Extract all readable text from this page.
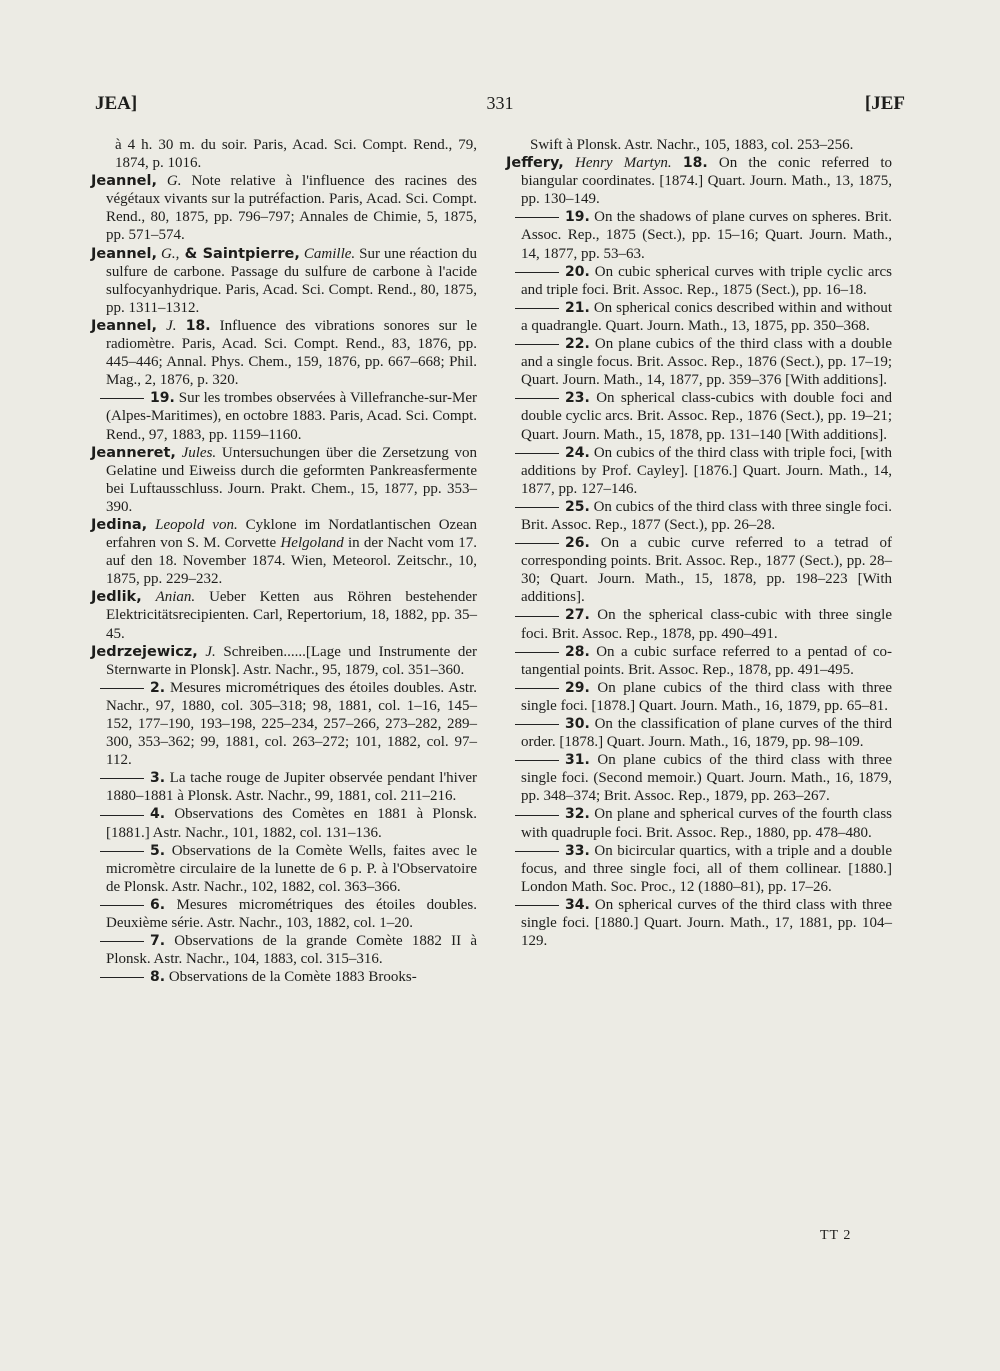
JEA]	331	[JEF
à 4 h. 30 m. du soir. Paris, Acad. Sci. Compt. Rend., 79, 1874, p. 1016.
Jeannel, G. Note relative à l'influence des racines des végétaux vivants sur la putréfaction. Paris, Acad. Sci. Compt. Rend., 80, 1875, pp. 796–797; Annales de Chimie, 5, 1875, pp. 571–574.
Jeannel, G., & Saintpierre, Camille. Sur une réaction du sulfure de carbone. Passage du sulfure de carbone à l'acide sulfocyanhydrique. Paris, Acad. Sci. Compt. Rend., 80, 1875, pp. 1311–1312.
Jeannel, J. 18. Influence des vibrations sonores sur le radiomètre. Paris, Acad. Sci. Compt. Rend., 83, 1876, pp. 445–446; Annal. Phys. Chem., 159, 1876, pp. 667–668; Phil. Mag., 2, 1876, p. 320.
19. Sur les trombes observées à Villefranche-sur-Mer (Alpes-Maritimes), en octobre 1883. Paris, Acad. Sci. Compt. Rend., 97, 1883, pp. 1159–1160.
Jeanneret, Jules. Untersuchungen über die Zersetzung von Gelatine und Eiweiss durch die geformten Pankreasfermente bei Luftausschluss. Journ. Prakt. Chem., 15, 1877, pp. 353–390.
Jedina, Leopold von. Cyklone im Nordatlantischen Ozean erfahren von S. M. Corvette Helgoland in der Nacht vom 17. auf den 18. November 1874. Wien, Meteorol. Zeitschr., 10, 1875, pp. 229–232.
Jedlik, Anian. Ueber Ketten aus Röhren bestehender Elektricitätsrecipienten. Carl, Repertorium, 18, 1882, pp. 35–45.
Jedrzejewicz, J. Schreiben......[Lage und Instrumente der Sternwarte in Plonsk]. Astr. Nachr., 95, 1879, col. 351–360.
2. Mesures micrométriques des étoiles doubles. Astr. Nachr., 97, 1880, col. 305–318; 98, 1881, col. 1–16, 145–152, 177–190, 193–198, 225–234, 257–266, 273–282, 289–300, 353–362; 99, 1881, col. 263–272; 101, 1882, col. 97–112.
3. La tache rouge de Jupiter observée pendant l'hiver 1880–1881 à Plonsk. Astr. Nachr., 99, 1881, col. 211–216.
4. Observations des Comètes en 1881 à Plonsk. [1881.] Astr. Nachr., 101, 1882, col. 131–136.
5. Observations de la Comète Wells, faites avec le micromètre circulaire de la lunette de 6 p. P. à l'Observatoire de Plonsk. Astr. Nachr., 102, 1882, col. 363–366.
6. Mesures micrométriques des étoiles doubles. Deuxième série. Astr. Nachr., 103, 1882, col. 1–20.
7. Observations de la grande Comète 1882 II à Plonsk. Astr. Nachr., 104, 1883, col. 315–316.
8. Observations de la Comète 1883 Brooks-
Swift à Plonsk. Astr. Nachr., 105, 1883, col. 253–256.
Jeffery, Henry Martyn. 18. On the conic referred to biangular coordinates. [1874.] Quart. Journ. Math., 13, 1875, pp. 130–149.
19. On the shadows of plane curves on spheres. Brit. Assoc. Rep., 1875 (Sect.), pp. 15–16; Quart. Journ. Math., 14, 1877, pp. 53–63.
20. On cubic spherical curves with triple cyclic arcs and triple foci. Brit. Assoc. Rep., 1875 (Sect.), pp. 16–18.
21. On spherical conics described within and without a quadrangle. Quart. Journ. Math., 13, 1875, pp. 350–368.
22. On plane cubics of the third class with a double and a single focus. Brit. Assoc. Rep., 1876 (Sect.), pp. 17–19; Quart. Journ. Math., 14, 1877, pp. 359–376 [With additions].
23. On spherical class-cubics with double foci and double cyclic arcs. Brit. Assoc. Rep., 1876 (Sect.), pp. 19–21; Quart. Journ. Math., 15, 1878, pp. 131–140 [With additions].
24. On cubics of the third class with triple foci, [with additions by Prof. Cayley]. [1876.] Quart. Journ. Math., 14, 1877, pp. 127–146.
25. On cubics of the third class with three single foci. Brit. Assoc. Rep., 1877 (Sect.), pp. 26–28.
26. On a cubic curve referred to a tetrad of corresponding points. Brit. Assoc. Rep., 1877 (Sect.), pp. 28–30; Quart. Journ. Math., 15, 1878, pp. 198–223 [With additions].
27. On the spherical class-cubic with three single foci. Brit. Assoc. Rep., 1878, pp. 490–491.
28. On a cubic surface referred to a pentad of co-tangential points. Brit. Assoc. Rep., 1878, pp. 491–495.
29. On plane cubics of the third class with three single foci. [1878.] Quart. Journ. Math., 16, 1879, pp. 65–81.
30. On the classification of plane curves of the third order. [1878.] Quart. Journ. Math., 16, 1879, pp. 98–109.
31. On plane cubics of the third class with three single foci. (Second memoir.) Quart. Journ. Math., 16, 1879, pp. 348–374; Brit. Assoc. Rep., 1879, pp. 263–267.
32. On plane and spherical curves of the fourth class with quadruple foci. Brit. Assoc. Rep., 1880, pp. 478–480.
33. On bicircular quartics, with a triple and a double focus, and three single foci, all of them collinear. [1880.] London Math. Soc. Proc., 12 (1880–81), pp. 17–26.
34. On spherical curves of the third class with three single foci. [1880.] Quart. Journ. Math., 17, 1881, pp. 104–129.
TT 2
